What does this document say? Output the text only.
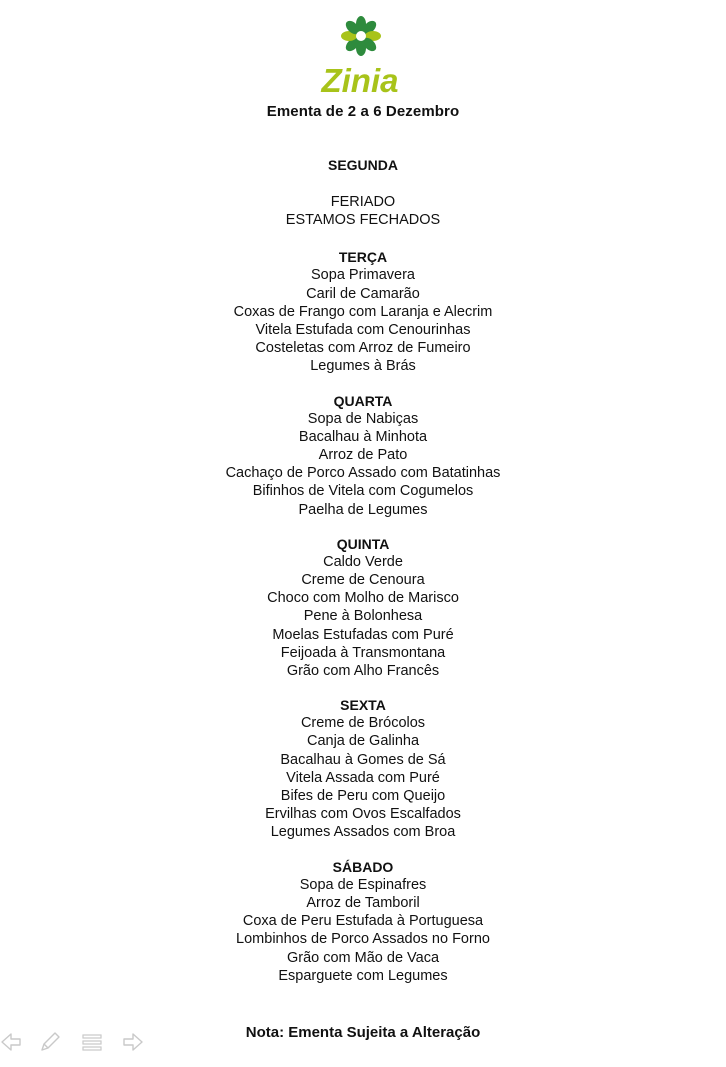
Zinia
Ementa de 2 a 6 Dezembro
SEGUNDA
FERIADO
ESTAMOS FECHADOS
TERÇA
Sopa Primavera
Caril de Camarão
Coxas de Frango com Laranja e Alecrim
Vitela Estufada com Cenourinhas
Costeletas com Arroz de Fumeiro
Legumes à Brás
QUARTA
Sopa de Nabiças
Bacalhau à Minhota
Arroz de Pato
Cachaço de Porco Assado com Batatinhas
Bifinhos de Vitela com Cogumelos
Paelha de Legumes
QUINTA
Caldo Verde
Creme de Cenoura
Choco com Molho de Marisco
Pene à Bolonhesa
Moelas Estufadas com Puré
Feijoada à Transmontana
Grão com Alho Francês
SEXTA
Creme de Brócolos
Canja de Galinha
Bacalhau à Gomes de Sá
Vitela Assada com Puré
Bifes de Peru com Queijo
Ervilhas com Ovos Escalfados
Legumes Assados com Broa
SÁBADO
Sopa de Espinafres
Arroz de Tamboril
Coxa de Peru Estufada à Portuguesa
Lombinhos de Porco Assados no Forno
Grão com Mão de Vaca
Esparguete com Legumes
Nota: Ementa Sujeita a Alteração
